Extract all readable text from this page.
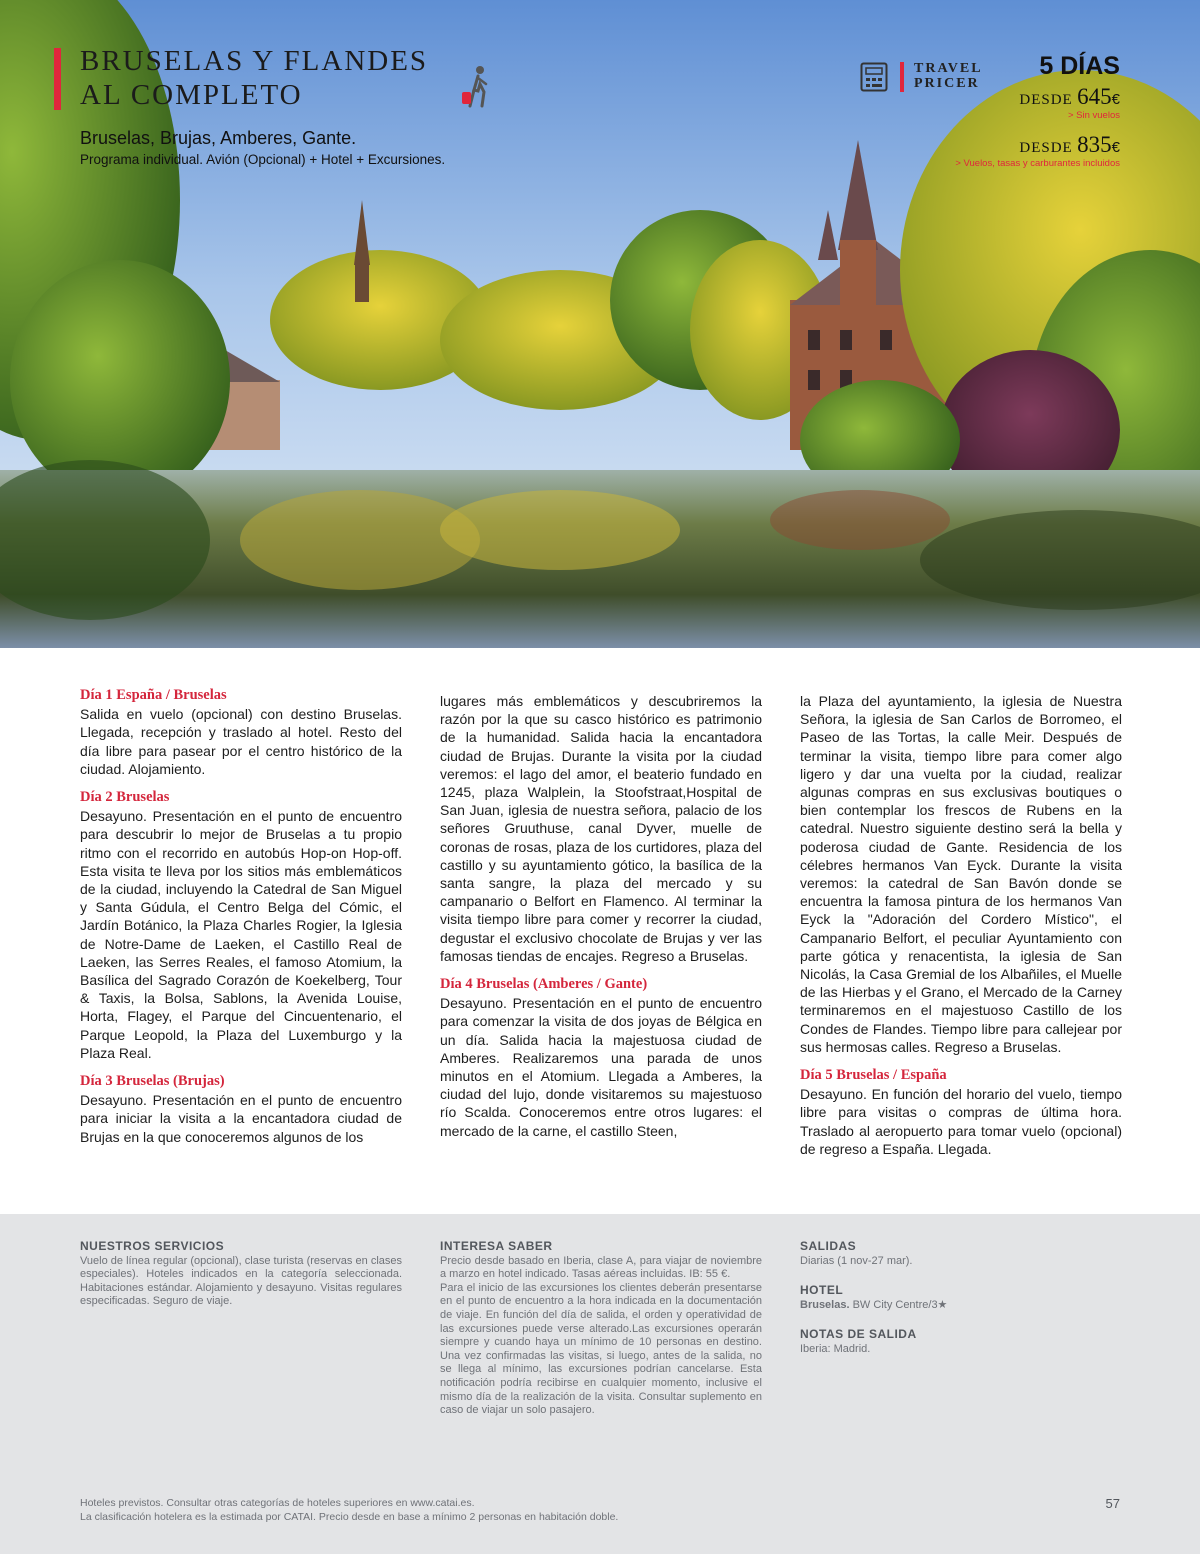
BRUSELAS Y FLANDES
AL COMPLETO
Bruselas, Brujas, Amberes, Gante.
Programa individual. Avión (Opcional) + Hotel + Excursiones.
TRAVEL
PRICER
5 DÍAS
DESDE 645€
> Sin vuelos
DESDE 835€
> Vuelos, tasas y carburantes incluidos
Día 1 España / Bruselas

Salida en vuelo (opcional) con destino Bruselas. Llegada, recepción y traslado al hotel. Resto del día libre para pasear por el centro histórico de la ciudad. Alojamiento.

Día 2 Bruselas

Desayuno. Presentación en el punto de encuentro para descubrir lo mejor de Bruselas a tu propio ritmo con el recorrido en autobús Hop-on Hop-off. Esta visita te lleva por los sitios más emblemáticos de la ciudad, incluyendo la Catedral de San Miguel y Santa Gúdula, el Centro Belga del Cómic, el Jardín Botánico, la Plaza Charles Rogier, la Iglesia de Notre-Dame de Laeken, el Castillo Real de Laeken, las Serres Reales, el famoso Atomium, la Basílica del Sagrado Corazón de Koekelberg, Tour & Taxis, la Bolsa, Sablons, la Avenida Louise, Horta, Flagey, el Parque del Cincuentenario, el Parque Leopold, la Plaza del Luxemburgo y la Plaza Real.

Día 3 Bruselas (Brujas)

Desayuno. Presentación en el punto de encuentro para iniciar la visita a la encantadora ciudad de Brujas en la que conoceremos algunos de los

lugares más emblemáticos y descubriremos la razón por la que su casco histórico es patrimonio de la humanidad. Salida hacia la encantadora ciudad de Brujas. Durante la visita por la ciudad veremos: el lago del amor, el beaterio fundado en 1245, plaza Walplein, la Stoofstraat,Hospital de San Juan, iglesia de nuestra señora, palacio de los señores Gruuthuse, canal Dyver, muelle de coronas de rosas, plaza de los curtidores, plaza del castillo y su ayuntamiento gótico, la basílica de la santa sangre, la plaza del mercado y su campanario o Belfort en Flamenco. Al terminar la visita tiempo libre para comer y recorrer la ciudad, degustar el exclusivo chocolate de Brujas y ver las famosas tiendas de encajes. Regreso a Bruselas.

Día 4 Bruselas (Amberes / Gante)

Desayuno. Presentación en el punto de encuentro para comenzar la visita de dos joyas de Bélgica en un día. Salida hacia la majestuosa ciudad de Amberes. Realizaremos una parada de unos minutos en el Atomium. Llegada a Amberes, la ciudad del lujo, donde visitaremos su majestuoso río Scalda. Conoceremos entre otros lugares: el mercado de la carne, el castillo Steen,

la Plaza del ayuntamiento, la iglesia de Nuestra Señora, la iglesia de San Carlos de Borromeo, el Paseo de las Tortas, la calle Meir. Después de terminar la visita, tiempo libre para comer algo ligero y dar una vuelta por la ciudad, realizar algunas compras en sus exclusivas boutiques o bien contemplar los frescos de Rubens en la catedral. Nuestro siguiente destino será la bella y poderosa ciudad de Gante. Residencia de los célebres hermanos Van Eyck. Durante la visita veremos: la catedral de San Bavón donde se encuentra la famosa pintura de los hermanos Van Eyck la "Adoración del Cordero Místico", el Campanario Belfort, el peculiar Ayuntamiento con parte gótica y renacentista, la iglesia de San Nicolás, la Casa Gremial de los Albañiles, el Muelle de las Hierbas y el Grano, el Mercado de la Carney terminaremos en el majestuoso Castillo de los Condes de Flandes. Tiempo libre para callejear por sus hermosas calles. Regreso a Bruselas.

Día 5 Bruselas / España

Desayuno. En función del horario del vuelo, tiempo libre para visitas o compras de última hora. Traslado al aeropuerto para tomar vuelo (opcional) de regreso a España. Llegada.

NUESTROS SERVICIOS

Vuelo de línea regular (opcional), clase turista (reservas en clases especiales). Hoteles indicados en la categoría seleccionada. Habitaciones estándar. Alojamiento y desayuno. Visitas regulares especificadas. Seguro de viaje.

INTERESA SABER

Precio desde basado en Iberia, clase A, para viajar de noviembre a marzo en hotel indicado. Tasas aéreas incluidas. IB: 55 €.

Para el inicio de las excursiones los clientes deberán presentarse en el punto de encuentro a la hora indicada en la documentación de viaje. En función del día de salida, el orden y operatividad de las excursiones puede verse alterado.Las excursiones operarán siempre y cuando haya un mínimo de 10 personas en destino. Una vez confirmadas las visitas, si luego, antes de la salida, no se llega al mínimo, las excursiones podrían cancelarse. Esta notificación podría recibirse en cualquier momento, inclusive el mismo día de la realización de la visita. Consultar suplemento en caso de viajar un solo pasajero.

SALIDAS

Diarias (1 nov-27 mar).

HOTEL

Bruselas. BW City Centre/3★

NOTAS DE SALIDA

Iberia: Madrid.

Hoteles previstos. Consultar otras categorías de hoteles superiores en www.catai.es.
La clasificación hotelera es la estimada por CATAI. Precio desde en base a mínimo 2 personas en habitación doble.
57
